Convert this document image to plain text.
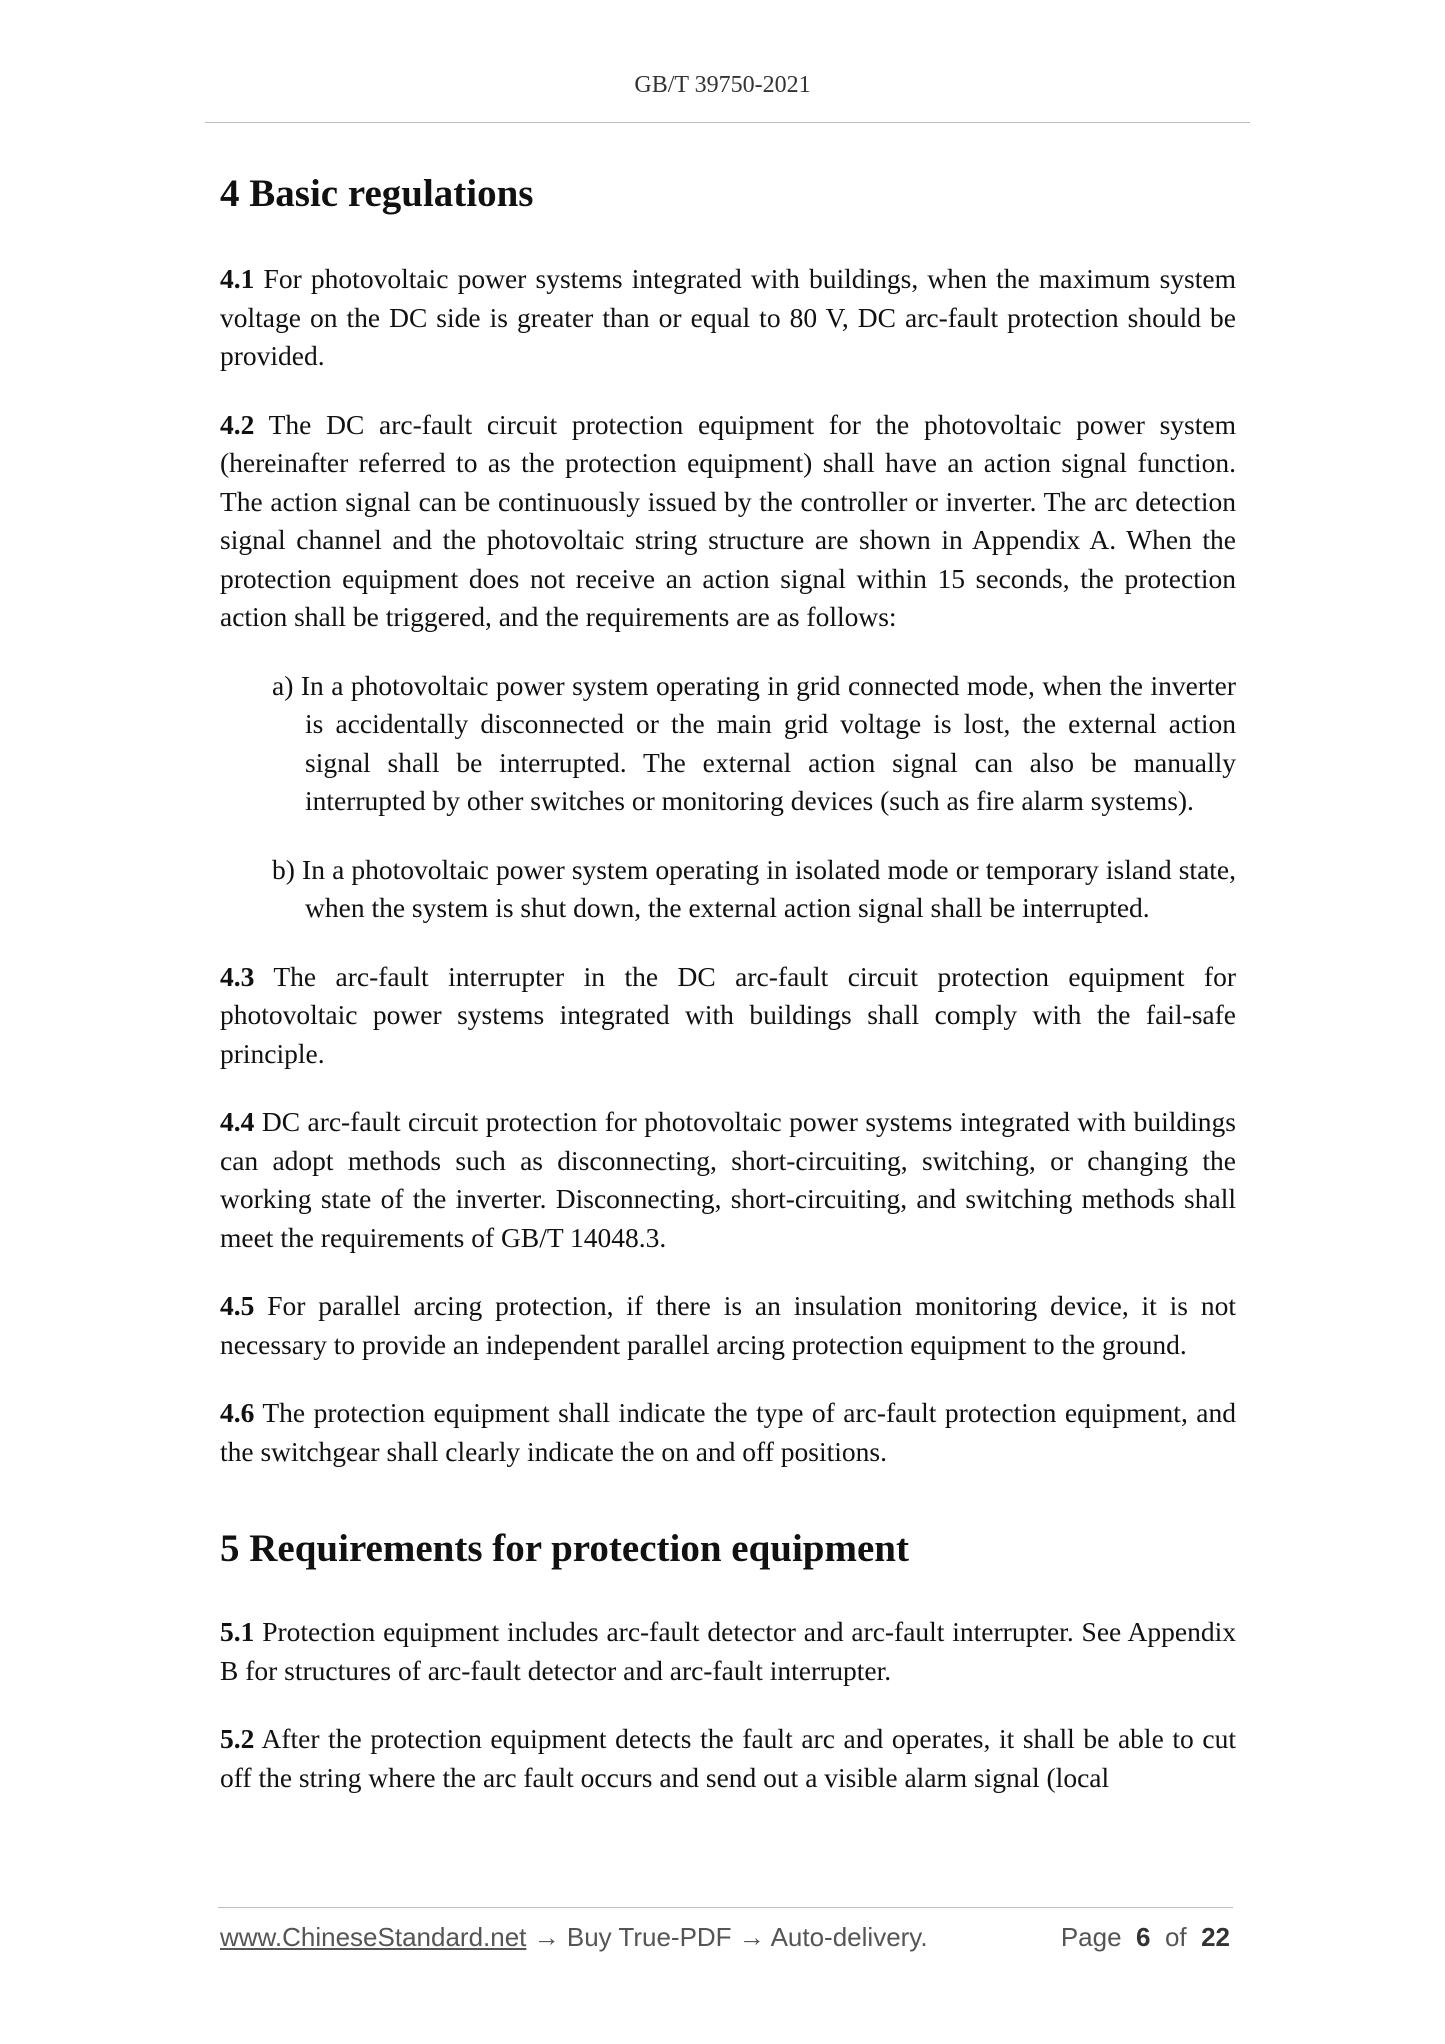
GB/T 39750-2021
4 Basic regulations

4.1 For photovoltaic power systems integrated with buildings, when the maximum system voltage on the DC side is greater than or equal to 80 V, DC arc-fault protection should be provided.

4.2 The DC arc-fault circuit protection equipment for the photovoltaic power system (hereinafter referred to as the protection equipment) shall have an action signal function. The action signal can be continuously issued by the controller or inverter. The arc detection signal channel and the photovoltaic string structure are shown in Appendix A. When the protection equipment does not receive an action signal within 15 seconds, the protection action shall be triggered, and the requirements are as follows:

a) In a photovoltaic power system operating in grid connected mode, when the inverter is accidentally disconnected or the main grid voltage is lost, the external action signal shall be interrupted. The external action signal can also be manually interrupted by other switches or monitoring devices (such as fire alarm systems).
b) In a photovoltaic power system operating in isolated mode or temporary island state, when the system is shut down, the external action signal shall be interrupted.

4.3 The arc-fault interrupter in the DC arc-fault circuit protection equipment for photovoltaic power systems integrated with buildings shall comply with the fail-safe principle.

4.4 DC arc-fault circuit protection for photovoltaic power systems integrated with buildings can adopt methods such as disconnecting, short-circuiting, switching, or changing the working state of the inverter. Disconnecting, short-circuiting, and switching methods shall meet the requirements of GB/T 14048.3.

4.5 For parallel arcing protection, if there is an insulation monitoring device, it is not necessary to provide an independent parallel arcing protection equipment to the ground.

4.6 The protection equipment shall indicate the type of arc-fault protection equipment, and the switchgear shall clearly indicate the on and off positions.

5 Requirements for protection equipment

5.1 Protection equipment includes arc-fault detector and arc-fault interrupter. See Appendix B for structures of arc-fault detector and arc-fault interrupter.

5.2 After the protection equipment detects the fault arc and operates, it shall be able to cut off the string where the arc fault occurs and send out a visible alarm signal (local

www.ChineseStandard.net → Buy True-PDF → Auto-delivery.	Page 6 of 22
